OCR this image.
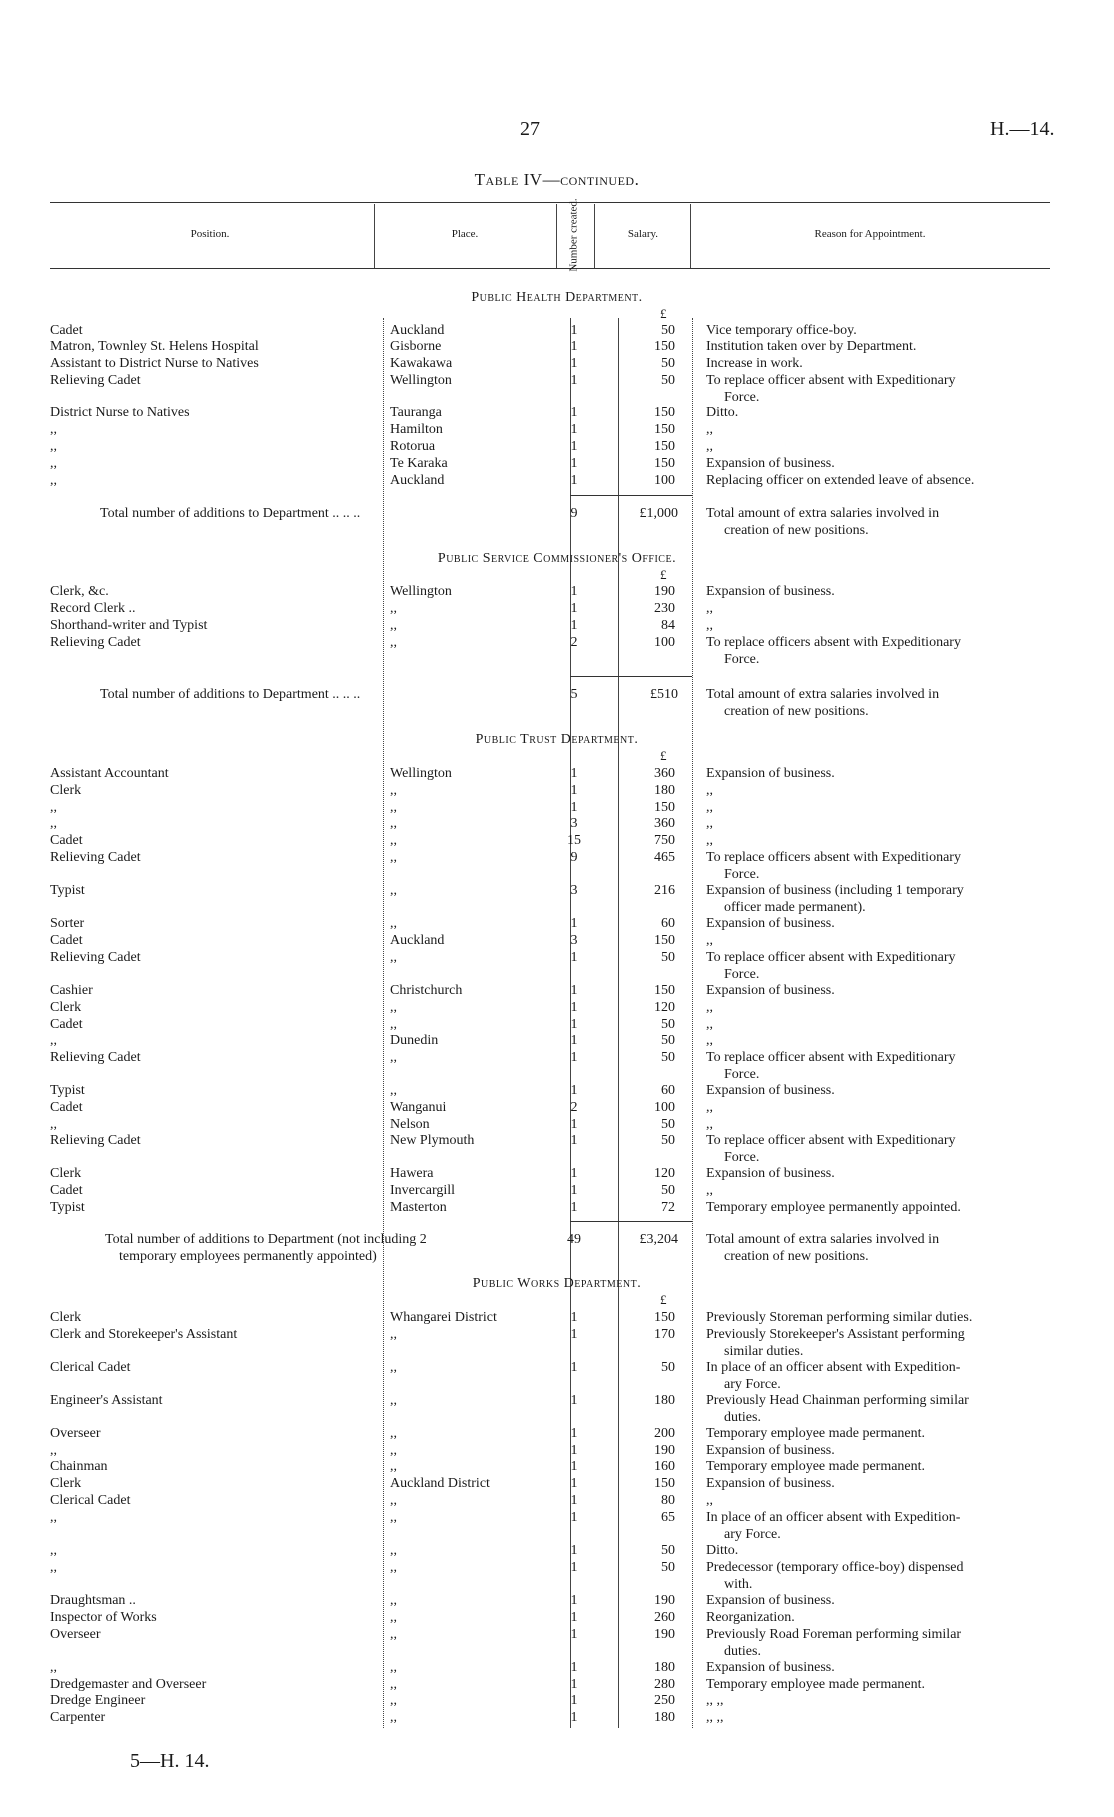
27	H.—14.
Table IV—continued.
Position.	Place.	Number created.	Salary.	Reason for Appointment.
Public Health Department.
£
Cadet	Auckland	1	50 Vice temporary office-boy.
Matron, Townley St. Helens Hospital	Gisborne	1	150 Institution taken over by Department.
Assistant to District Nurse to Natives	Kawakawa	1	50 Increase in work.
Relieving Cadet	Wellington	1	50 To replace officer absent with Expeditionary
Force.
District Nurse to Natives	Tauranga	1	150 Ditto.
,,	Hamilton	1	150 ,,
,,	Rotorua	1	150 ,,
,,	Te Karaka	1	150 Expansion of business.
,,	Auckland	1	100 Replacing officer on extended leave of absence.
Total number of additions to Department .. .. ..	9	£1,000 Total amount of extra salaries involved in
creation of new positions.
Public Service Commissioner's Office.
£
Clerk, &c.	Wellington	1	190 Expansion of business.
Record Clerk ..	,,	1	230 ,,
Shorthand-writer and Typist	,,	1	84 ,,
Relieving Cadet	,,	2	100 To replace officers absent with Expeditionary
Force.
Total number of additions to Department .. .. ..	5	£510 Total amount of extra salaries involved in
creation of new positions.
Public Trust Department.
£
Assistant Accountant	Wellington	1	360 Expansion of business.
Clerk	,,	1	180 ,,
,,	,,	1	150 ,,
,,	,,	3	360 ,,
Cadet	,,	15	750 ,,
Relieving Cadet	,,	9	465 To replace officers absent with Expeditionary
Force.
Typist	,,	3	216 Expansion of business (including 1 temporary
officer made permanent).
Sorter	,,	1	60 Expansion of business.
Cadet	Auckland	3	150 ,,
Relieving Cadet	,,	1	50 To replace officer absent with Expeditionary
Force.
Cashier	Christchurch	1	150 Expansion of business.
Clerk	,,	1	120 ,,
Cadet	,,	1	50 ,,
,,	Dunedin	1	50 ,,
Relieving Cadet	,,	1	50 To replace officer absent with Expeditionary
Force.
Typist	,,	1	60 Expansion of business.
Cadet	Wanganui	2	100 ,,
,,	Nelson	1	50 ,,
Relieving Cadet	New Plymouth	1	50 To replace officer absent with Expeditionary
Force.
Clerk	Hawera	1	120 Expansion of business.
Cadet	Invercargill	1	50 ,,
Typist	Masterton	1	72 Temporary employee permanently appointed.
Total number of additions to Department (not including 2
temporary employees permanently appointed)
49	£3,204 Total amount of extra salaries involved in
creation of new positions.
Public Works Department.
£
Clerk	Whangarei District	1	150 Previously Storeman performing similar duties.
Clerk and Storekeeper's Assistant	,,	1	170 Previously Storekeeper's Assistant performing
similar duties.
Clerical Cadet	,,	1	50 In place of an officer absent with Expedition-
ary Force.
Engineer's Assistant	,,	1	180 Previously Head Chainman performing similar
duties.
Overseer	,,	1	200 Temporary employee made permanent.
,,	,,	1	190 Expansion of business.
Chainman	,,	1	160 Temporary employee made permanent.
Clerk	Auckland District	1	150 Expansion of business.
Clerical Cadet	,,	1	80 ,,
,,	,,	1	65 In place of an officer absent with Expedition-
ary Force.
,,	,,	1	50 Ditto.
,,	,,	1	50 Predecessor (temporary office-boy) dispensed
with.
Draughtsman ..	,,	1	190 Expansion of business.
Inspector of Works	,,	1	260 Reorganization.
Overseer	,,	1	190 Previously Road Foreman performing similar
duties.
,,	,,	1	180 Expansion of business.
Dredgemaster and Overseer	,,	1	280 Temporary employee made permanent.
Dredge Engineer	,,	1	250 ,, ,,
Carpenter	,,	1	180 ,, ,,
5—H. 14.
